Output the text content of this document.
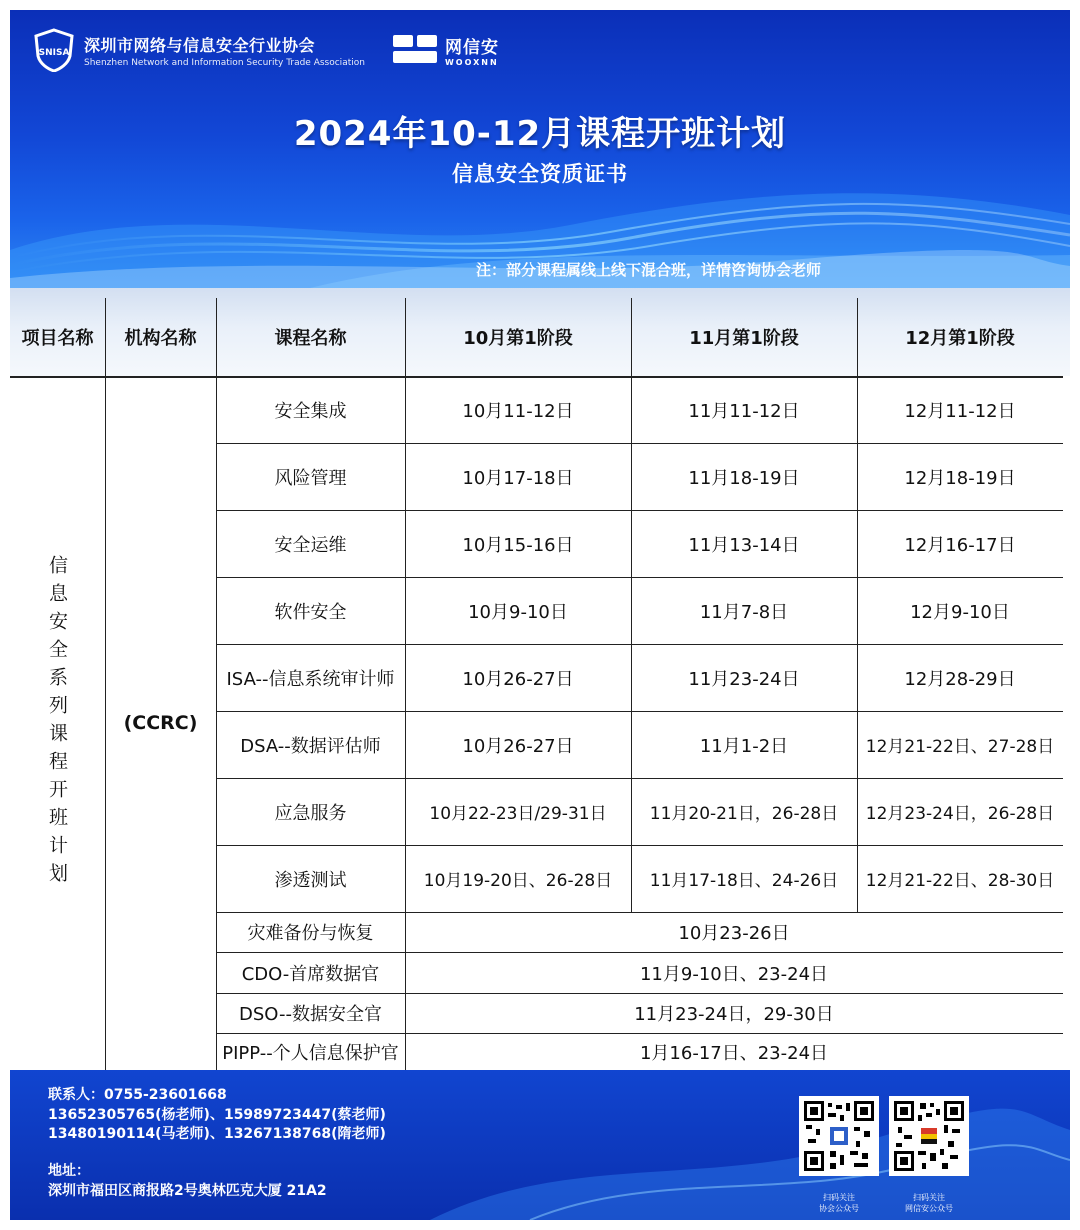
SNISA 深圳市网络与信息安全行业协会
Shenzhen Network and Information Security Trade Association
网信安
WOOXNN
2024年10-12月课程开班计划
信息安全资质证书
注：部分课程属线上线下混合班，详情咨询协会老师
项目名称	机构名称	课程名称	10月第1阶段	11月第1阶段	12月第1阶段
信息安全系列课程开班计划	(CCRC)
安全集成	10月11-12日	11月11-12日	12月11-12日
风险管理	10月17-18日	11月18-19日	12月18-19日
安全运维	10月15-16日	11月13-14日	12月16-17日
软件安全	10月9-10日	11月7-8日	12月9-10日
ISA--信息系统审计师	10月26-27日	11月23-24日	12月28-29日
DSA--数据评估师	10月26-27日	11月1-2日	12月21-22日、27-28日
应急服务	10月22-23日/29-31日	11月20-21日，26-28日	12月23-24日，26-28日
渗透测试	10月19-20日、26-28日	11月17-18日、24-26日	12月21-22日、28-30日
灾难备份与恢复	10月23-26日
CDO-首席数据官	11月9-10日、23-24日
DSO--数据安全官	11月23-24日，29-30日
PIPP--个人信息保护官	1月16-17日、23-24日
联系人：0755-23601668
13652305765(杨老师)、15989723447(蔡老师)
13480190114(马老师)、13267138768(隋老师)
地址：
深圳市福田区商报路2号奥林匹克大厦 21A2	扫码关注
协会公众号
扫码关注
网信安公众号
